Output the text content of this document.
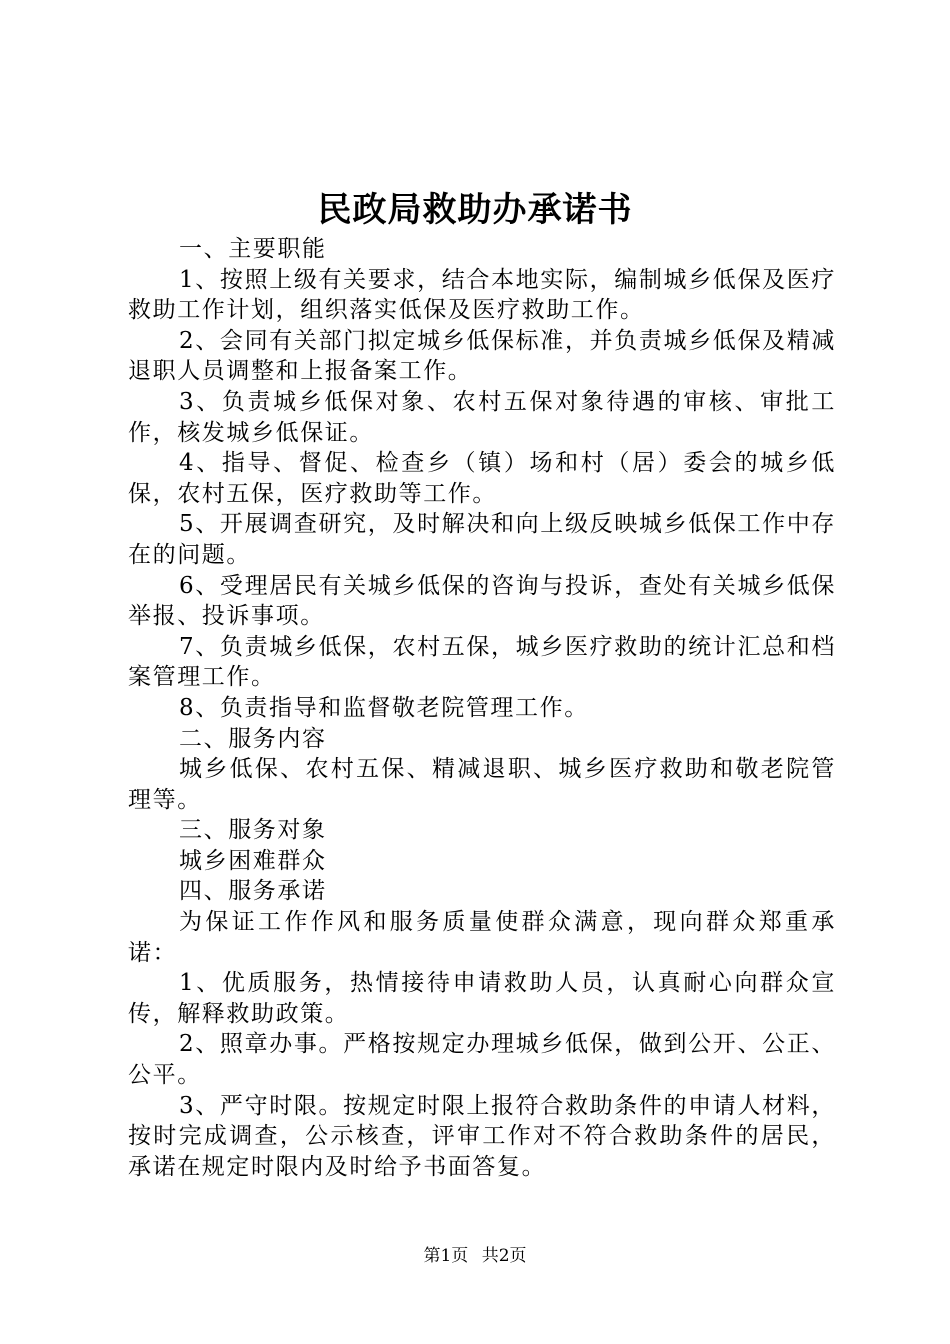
民政局救助办承诺书

一、主要职能

1、按照上级有关要求，结合本地实际，编制城乡低保及医疗救助工作计划，组织落实低保及医疗救助工作。

2、会同有关部门拟定城乡低保标准，并负责城乡低保及精减退职人员调整和上报备案工作。

3、负责城乡低保对象、农村五保对象待遇的审核、审批工作，核发城乡低保证。

4、指导、督促、检查乡（镇）场和村（居）委会的城乡低保，农村五保，医疗救助等工作。

5、开展调查研究，及时解决和向上级反映城乡低保工作中存在的问题。

6、受理居民有关城乡低保的咨询与投诉，查处有关城乡低保举报、投诉事项。

7、负责城乡低保，农村五保，城乡医疗救助的统计汇总和档案管理工作。

8、负责指导和监督敬老院管理工作。

二、服务内容

城乡低保、农村五保、精减退职、城乡医疗救助和敬老院管理等。

三、服务对象

城乡困难群众

四、服务承诺

为保证工作作风和服务质量使群众满意，现向群众郑重承诺：

1、优质服务，热情接待申请救助人员，认真耐心向群众宣传，解释救助政策。

2、照章办事。严格按规定办理城乡低保，做到公开、公正、公平。

3、严守时限。按规定时限上报符合救助条件的申请人材料，按时完成调查，公示核查，评审工作对不符合救助条件的居民，承诺在规定时限内及时给予书面答复。

第1页 共2页
